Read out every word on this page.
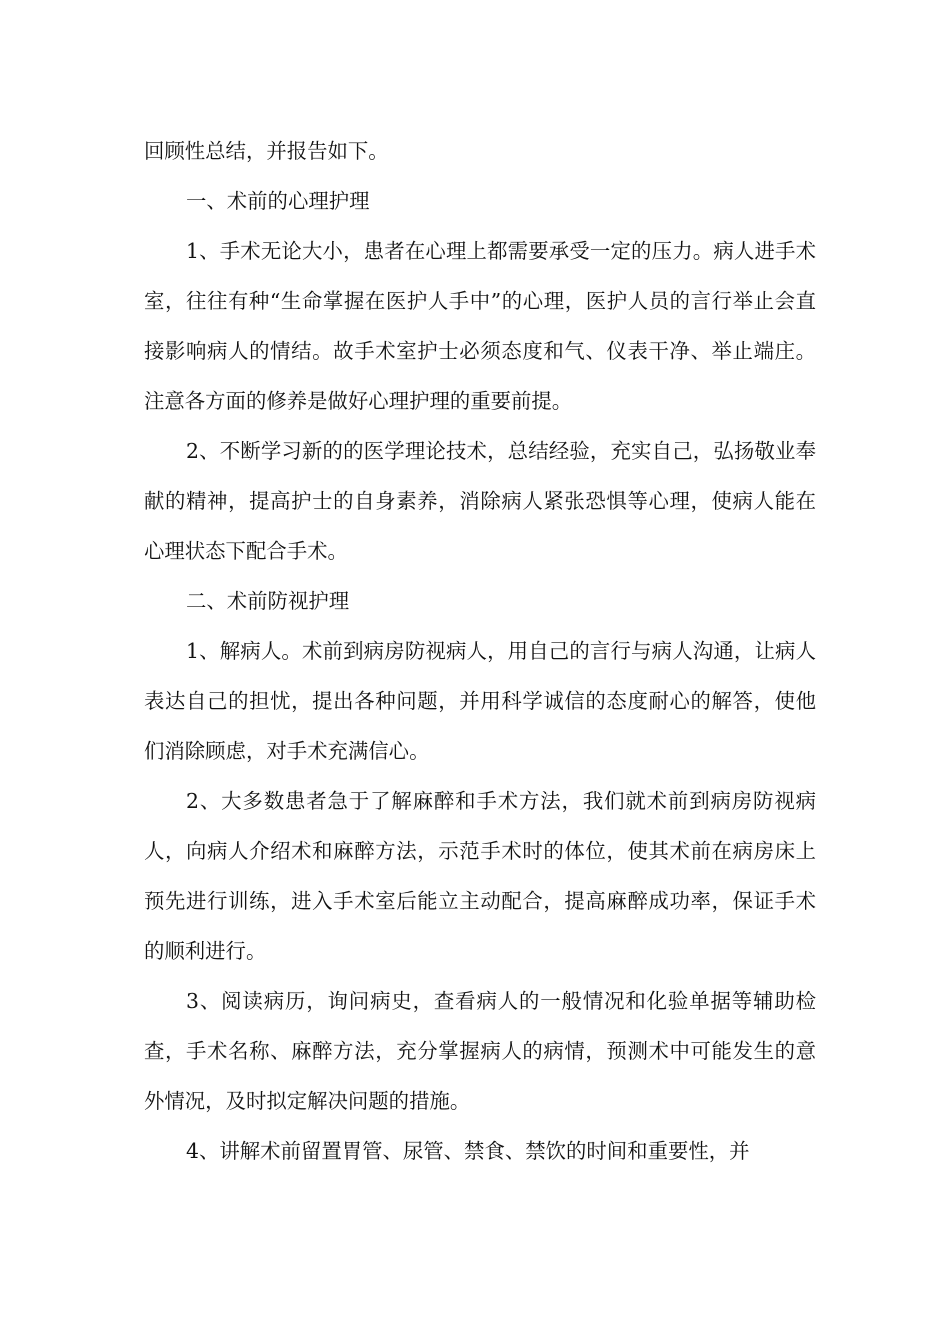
回顾性总结，并报告如下。

一、术前的心理护理

1、手术无论大小，患者在心理上都需要承受一定的压力。病人进手术室，往往有种“生命掌握在医护人手中”的心理，医护人员的言行举止会直接影响病人的情结。故手术室护士必须态度和气、仪表干净、举止端庄。注意各方面的修养是做好心理护理的重要前提。

2、不断学习新的的医学理论技术，总结经验，充实自己，弘扬敬业奉献的精神，提高护士的自身素养，消除病人紧张恐惧等心理，使病人能在心理状态下配合手术。

二、术前防视护理

1、解病人。术前到病房防视病人，用自己的言行与病人沟通，让病人表达自己的担忧，提出各种问题，并用科学诚信的态度耐心的解答，使他们消除顾虑，对手术充满信心。

2、大多数患者急于了解麻醉和手术方法，我们就术前到病房防视病人，向病人介绍术和麻醉方法，示范手术时的体位，使其术前在病房床上预先进行训练，进入手术室后能立主动配合，提高麻醉成功率，保证手术的顺利进行。

3、阅读病历，询问病史，查看病人的一般情况和化验单据等辅助检查，手术名称、麻醉方法，充分掌握病人的病情，预测术中可能发生的意外情况，及时拟定解决问题的措施。

4、讲解术前留置胃管、尿管、禁食、禁饮的时间和重要性，并
